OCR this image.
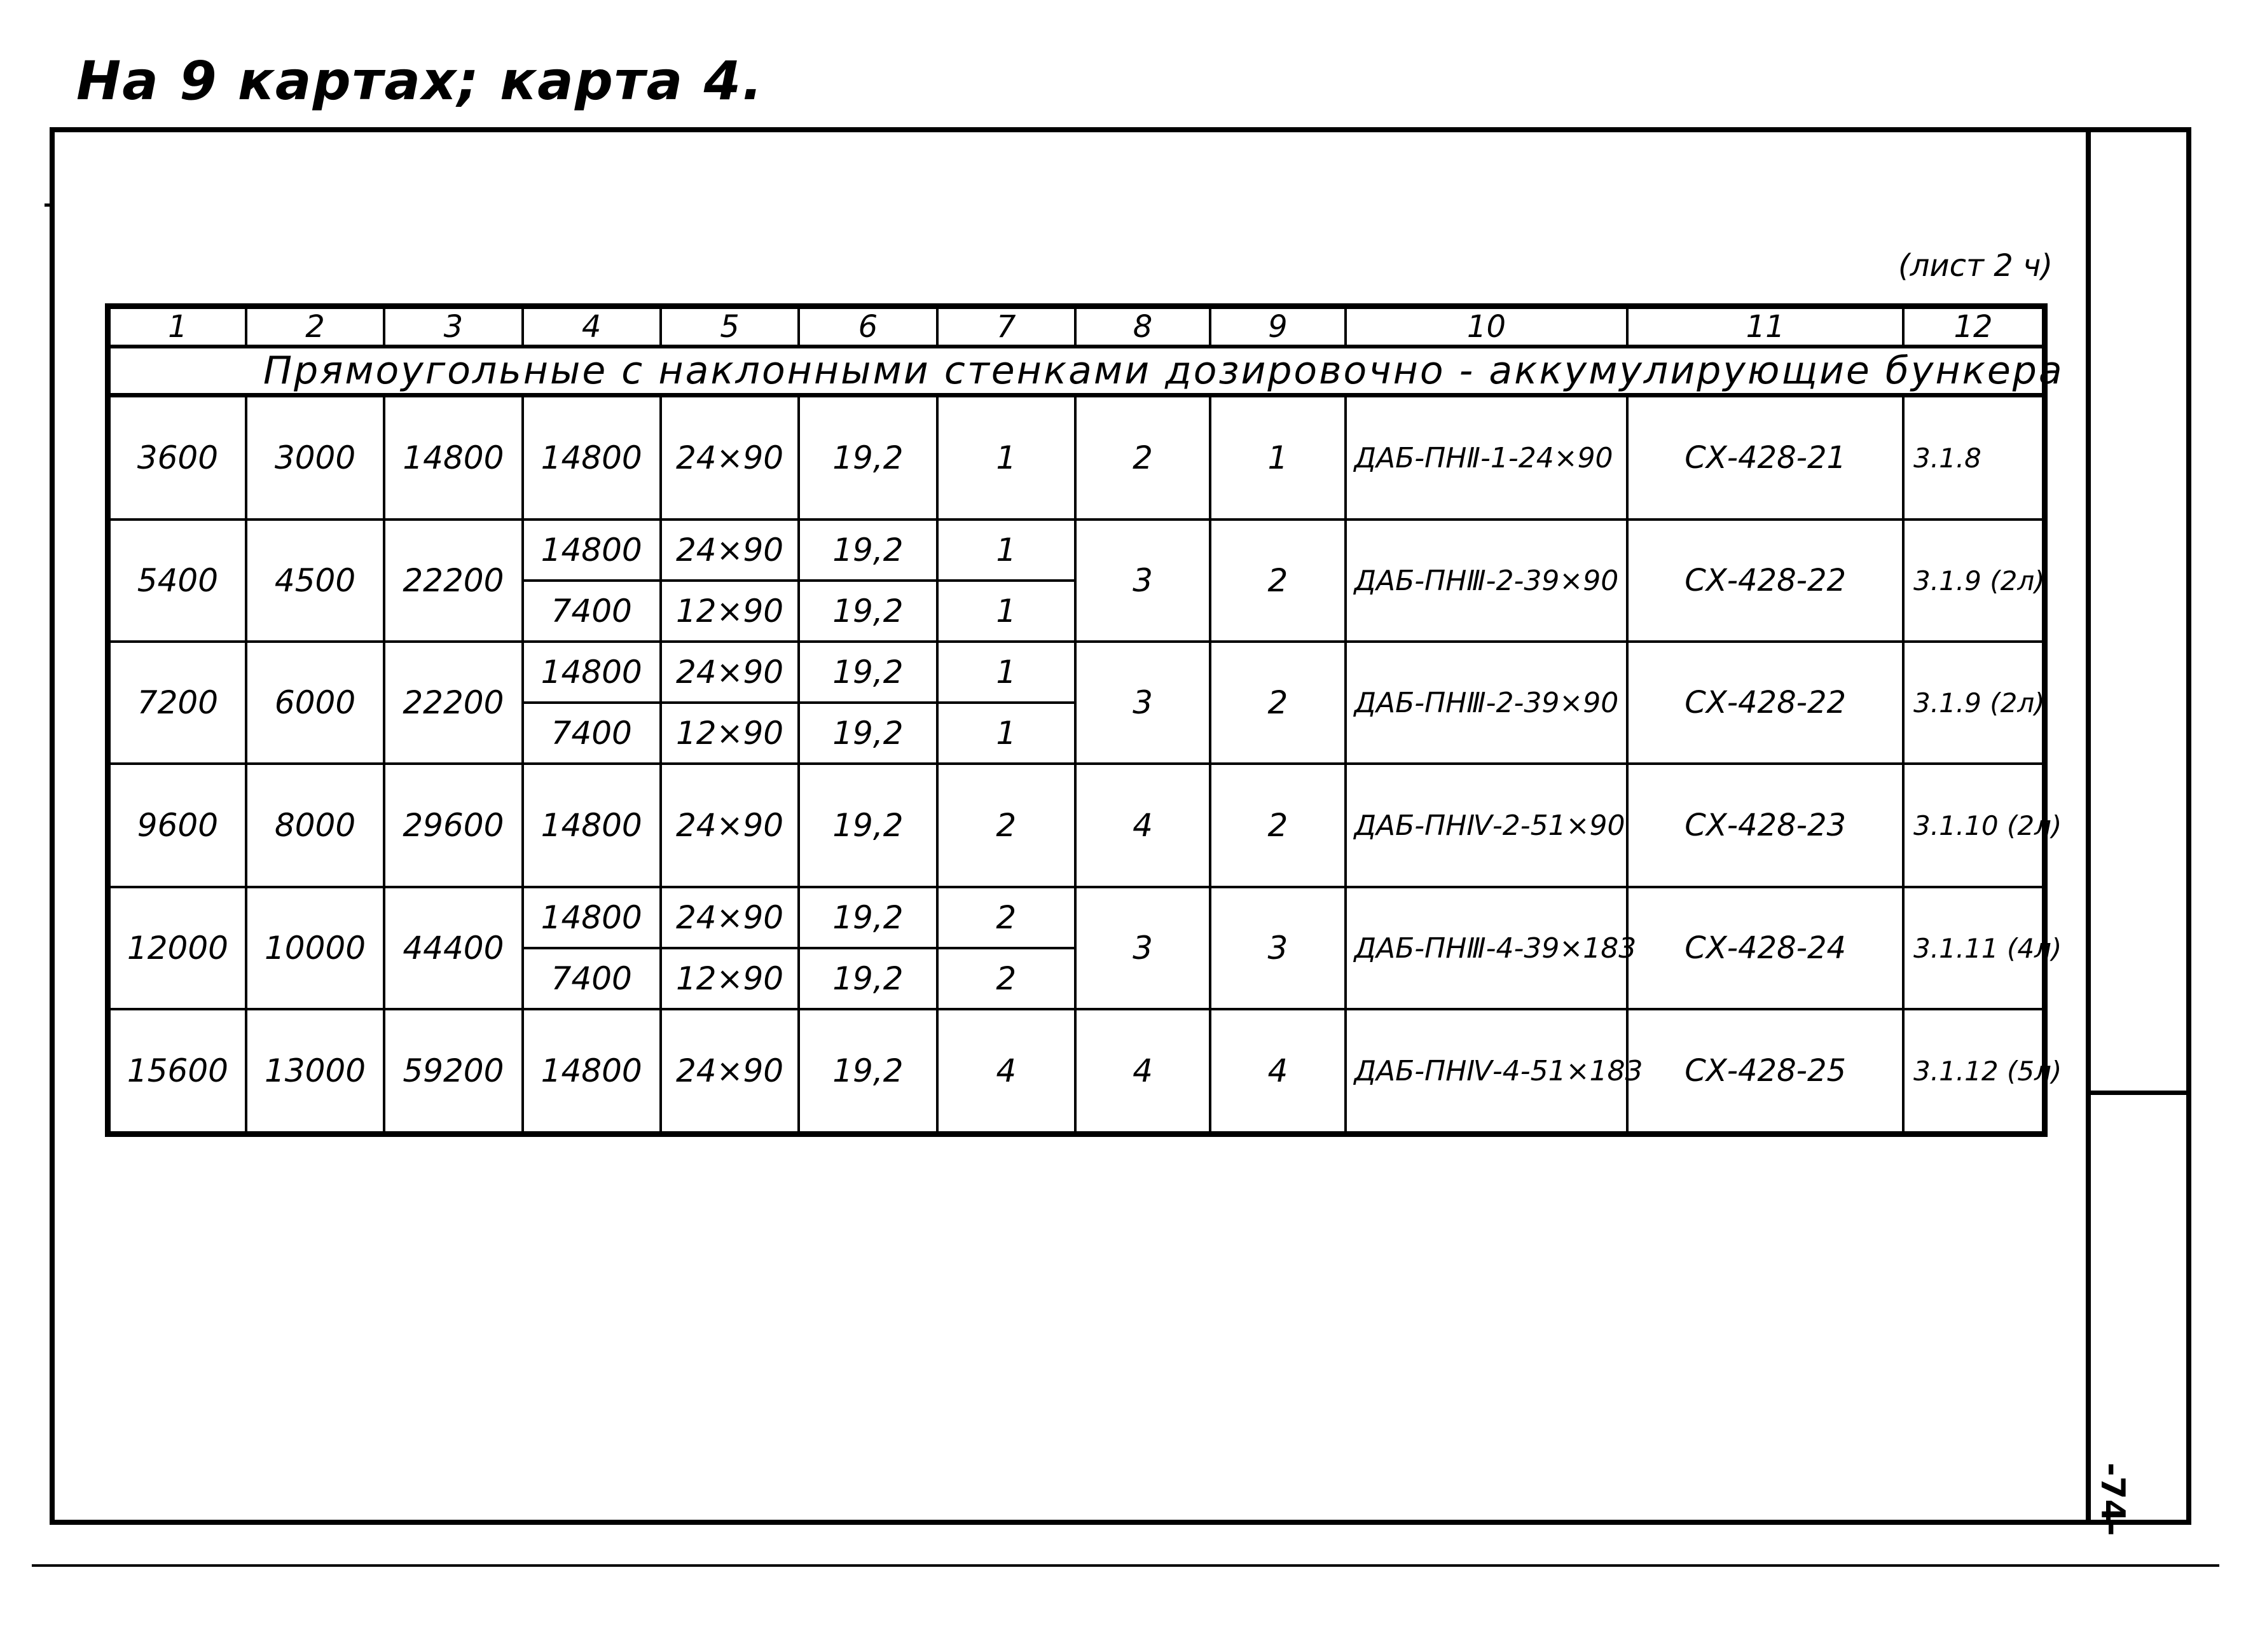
На 9 картах; карта 4.
-74-
(лист 2 ч)
1	2	3	4	5	6	7	8	9	10	11	12
Прямоугольные с наклонными стенками дозировочно - аккумулирующие бункера											
3600	3000	14800	14800	24×90	19,2	1	2	1	ДАБ-ПНⅡ-1-24×90	СХ-428-21	3.1.8
5400	4500	22200	14800	24×90	19,2	1	3	2	ДАБ-ПНⅢ-2-39×90	СХ-428-22	3.1.9 (2л)
			7400	12×90	19,2	1					
7200	6000	22200	14800	24×90	19,2	1	3	2	ДАБ-ПНⅢ-2-39×90	СХ-428-22	3.1.9 (2л)
			7400	12×90	19,2	1					
9600	8000	29600	14800	24×90	19,2	2	4	2	ДАБ-ПНⅣ-2-51×90	СХ-428-23	3.1.10 (2л)
12000	10000	44400	14800	24×90	19,2	2	3	3	ДАБ-ПНⅢ-4-39×183	СХ-428-24	3.1.11 (4л)
			7400	12×90	19,2	2					
15600	13000	59200	14800	24×90	19,2	4	4	4	ДАБ-ПНⅣ-4-51×183	СХ-428-25	3.1.12 (5л)
